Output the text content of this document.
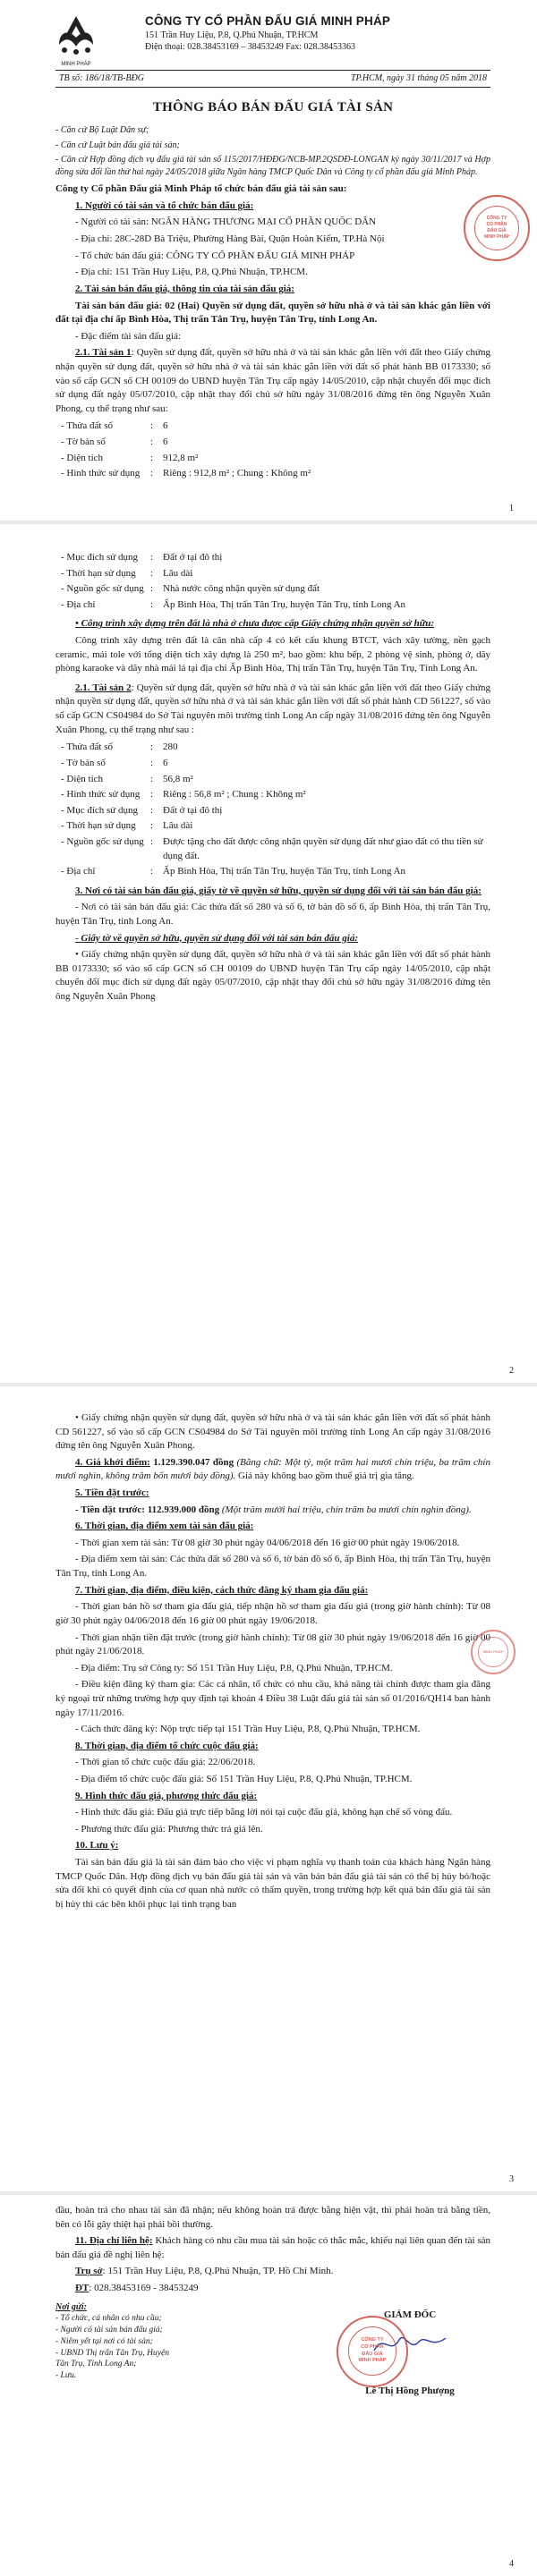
MINH PHÁP
CÔNG TY CỔ PHẦN ĐẤU GIÁ MINH PHÁP
151 Trần Huy Liệu, P.8, Q.Phú Nhuận, TP.HCM
Điện thoại: 028.38453169 – 38453249 Fax: 028.38453363
TB số: 186/18/TB-BĐG	TP.HCM, ngày 31 tháng 05 năm 2018
THÔNG BÁO BÁN ĐẤU GIÁ TÀI SẢN

- Căn cứ Bộ Luật Dân sự;

- Căn cứ Luật bán đấu giá tài sản;

- Căn cứ Hợp đồng dịch vụ đấu giá tài sản số 115/2017/HĐĐG/NCB-MP.2QSDĐ-LONGAN ký ngày 30/11/2017 và Hợp đồng sửa đổi lần thứ hai ngày 24/05/2018 giữa Ngân hàng TMCP Quốc Dân và Công ty cổ phần đấu giá Minh Pháp.

Công ty Cổ phần Đấu giá Minh Pháp tổ chức bán đấu giá tài sản sau:

1. Người có tài sản và tổ chức bán đấu giá:

- Người có tài sản: NGÂN HÀNG THƯƠNG MẠI CỔ PHẦN QUỐC DÂN

- Địa chỉ: 28C-28D Bà Triệu, Phường Hàng Bài, Quận Hoàn Kiếm, TP.Hà Nội

- Tổ chức bán đấu giá: CÔNG TY CỔ PHẦN ĐẤU GIÁ MINH PHÁP

- Địa chỉ: 151 Trần Huy Liệu, P.8, Q.Phú Nhuận, TP.HCM.

2. Tài sản bán đấu giá, thông tin của tài sản đấu giá:

Tài sản bán đấu giá: 02 (Hai) Quyền sử dụng đất, quyền sở hữu nhà ở và tài sản khác gắn liền với đất tại địa chỉ ấp Bình Hòa, Thị trấn Tân Trụ, huyện Tân Trụ, tỉnh Long An.

- Đặc điểm tài sản đấu giá:

2.1. Tài sản 1: Quyền sử dụng đất, quyền sở hữu nhà ở và tài sản khác gắn liền với đất theo Giấy chứng nhận quyền sử dụng đất, quyền sở hữu nhà ở và tài sản khác gắn liền với đất số phát hành BB 0173330; số vào sổ cấp GCN số CH 00109 do UBND huyện Tân Trụ cấp ngày 14/05/2010, cập nhật chuyển đổi mục đích sử dụng đất ngày 05/07/2010, cập nhật thay đổi chủ sở hữu ngày 31/08/2016 đứng tên ông Nguyễn Xuân Phong, cụ thể trạng như sau:

- Thửa đất số	: 6
- Tờ bản số	: 6
- Diện tích	: 912,8 m²
- Hình thức sử dụng	: Riêng : 912,8 m² ; Chung : Không m²
CÔNG TY
CỔ PHẦN
ĐẤU GIÁ
MINH PHÁP
1
- Mục đích sử dụng	: Đất ở tại đô thị
- Thời hạn sử dụng	: Lâu dài
- Nguồn gốc sử dụng : Nhà nước công nhận quyền sử dụng đất
- Địa chỉ	: Ấp Bình Hòa, Thị trấn Tân Trụ, huyện Tân Trụ, tỉnh Long An

• Công trình xây dựng trên đất là nhà ở chưa được cấp Giấy chứng nhận quyền sở hữu:

Công trình xây dựng trên đất là căn nhà cấp 4 có kết cấu khung BTCT, vách xây tường, nền gạch ceramic, mái tole với tổng diện tích xây dựng là 250 m², bao gồm: khu bếp, 2 phòng vệ sinh, phòng ở, dãy phòng karaoke và dãy nhà mái lá tại địa chỉ Ấp Bình Hòa, Thị trấn Tân Trụ, huyện Tân Trụ, Tỉnh Long An.

2.1. Tài sản 2: Quyền sử dụng đất, quyền sở hữu nhà ở và tài sản khác gắn liền với đất theo Giấy chứng nhận quyền sử dụng đất, quyền sở hữu nhà ở và tài sản khác gắn liền với đất số phát hành CD 561227, số vào sổ cấp GCN CS04984 do Sở Tài nguyên môi trường tỉnh Long An cấp ngày 31/08/2016 đứng tên ông Nguyễn Xuân Phong, cụ thể trạng như sau :

- Thửa đất số	: 280
- Tờ bản số	: 6
- Diện tích	: 56,8 m²
- Hình thức sử dụng	: Riêng : 56,8 m² ; Chung : Không m²
- Mục đích sử dụng	: Đất ở tại đô thị
- Thời hạn sử dụng	: Lâu dài
- Nguồn gốc sử dụng : Được tặng cho đất được công nhận quyền sử dụng đất như giao đất có thu tiền sử dụng đất.
- Địa chỉ	: Ấp Bình Hòa, Thị trấn Tân Trụ, huyện Tân Trụ, tỉnh Long An

3. Nơi có tài sản bán đấu giá, giấy tờ về quyền sở hữu, quyền sử dụng đối với tài sản bán đấu giá:

- Nơi có tài sản bán đấu giá: Các thửa đất số 280 và số 6, tờ bản đồ số 6, ấp Bình Hòa, thị trấn Tân Trụ, huyện Tân Trụ, tỉnh Long An.

- Giấy tờ về quyền sở hữu, quyền sử dụng đối với tài sản bán đấu giá:

• Giấy chứng nhận quyền sử dụng đất, quyền sở hữu nhà ở và tài sản khác gắn liền với đất số phát hành BB 0173330; số vào sổ cấp GCN số CH 00109 do UBND huyện Tân Trụ cấp ngày 14/05/2010, cập nhật chuyển đổi mục đích sử dụng đất ngày 05/07/2010, cập nhật thay đổi chủ sở hữu ngày 31/08/2016 đứng tên ông Nguyễn Xuân Phong

2

• Giấy chứng nhận quyền sử dụng đất, quyền sở hữu nhà ở và tài sản khác gắn liền với đất số phát hành CD 561227, số vào sổ cấp GCN CS04984 do Sở Tài nguyên môi trường tỉnh Long An cấp ngày 31/08/2016 đứng tên ông Nguyễn Xuân Phong.

4. Giá khởi điểm: 1.129.390.047 đồng (Bằng chữ: Một tỷ, một trăm hai mươi chín triệu, ba trăm chín mươi nghìn, không trăm bốn mươi bảy đồng). Giá này không bao gồm thuế giá trị gia tăng.

5. Tiền đặt trước:

- Tiền đặt trước: 112.939.000 đồng (Một trăm mười hai triệu, chín trăm ba mươi chín nghìn đồng).

6. Thời gian, địa điểm xem tài sản đấu giá:

- Thời gian xem tài sản: Từ 08 giờ 30 phút ngày 04/06/2018 đến 16 giờ 00 phút ngày 19/06/2018.

- Địa điểm xem tài sản: Các thửa đất số 280 và số 6, tờ bản đồ số 6, ấp Bình Hòa, thị trấn Tân Trụ, huyện Tân Trụ, tỉnh Long An.

7. Thời gian, địa điểm, điều kiện, cách thức đăng ký tham gia đấu giá:

- Thời gian bán hồ sơ tham gia đấu giá, tiếp nhận hồ sơ tham gia đấu giá (trong giờ hành chính): Từ 08 giờ 30 phút ngày 04/06/2018 đến 16 giờ 00 phút ngày 19/06/2018.

- Thời gian nhận tiền đặt trước (trong giờ hành chính): Từ 08 giờ 30 phút ngày 19/06/2018 đến 16 giờ 00 phút ngày 21/06/2018.

- Địa điểm: Trụ sở Công ty: Số 151 Trần Huy Liệu, P.8, Q.Phú Nhuận, TP.HCM.

- Điều kiện đăng ký tham gia: Các cá nhân, tổ chức có nhu cầu, khả năng tài chính được tham gia đăng ký ngoại trừ những trường hợp quy định tại khoản 4 Điều 38 Luật đấu giá tài sản số 01/2016/QH14 ban hành ngày 17/11/2016.

- Cách thức đăng ký: Nộp trực tiếp tại 151 Trần Huy Liệu, P.8, Q.Phú Nhuận, TP.HCM.

8. Thời gian, địa điểm tổ chức cuộc đấu giá:

- Thời gian tổ chức cuộc đấu giá: 22/06/2018.

- Địa điểm tổ chức cuộc đấu giá: Số 151 Trần Huy Liệu, P.8, Q.Phú Nhuận, TP.HCM.

9. Hình thức đấu giá, phương thức đấu giá:

- Hình thức đấu giá: Đấu giá trực tiếp bằng lời nói tại cuộc đấu giá, không hạn chế số vòng đấu.

- Phương thức đấu giá: Phương thức trả giá lên.

10. Lưu ý:

Tài sản bán đấu giá là tài sản đảm bảo cho việc vì phạm nghĩa vụ thanh toán của khách hàng Ngân hàng TMCP Quốc Dân. Hợp đồng dịch vụ bán đấu giá tài sản và văn bản bán đấu giá tài sản có thể bị hủy bỏ/hoặc sửa đổi khi có quyết định của cơ quan nhà nước có thẩm quyền, trong trường hợp kết quả bán đấu giá tài sản bị hủy thì các bên khôi phục lại tình trạng ban

MINH PHÁP
3

đầu, hoàn trả cho nhau tài sản đã nhận; nếu không hoàn trả được bằng hiện vật, thì phải hoàn trả bằng tiền, bên có lỗi gây thiệt hại phải bồi thường.

11. Địa chỉ liên hệ: Khách hàng có nhu cầu mua tài sản hoặc có thắc mắc, khiếu nại liên quan đến tài sản bán đấu giá đề nghị liên hệ:

Trụ sở: 151 Trần Huy Liệu, P.8, Q.Phú Nhuận, TP. Hồ Chí Minh.

ĐT: 028.38453169 - 38453249

Nơi gửi:
- Tổ chức, cá nhân có nhu cầu;
- Người có tài sản bán đấu giá;
- Niêm yết tại nơi có tài sản;
- UBND Thị trấn Tân Trụ, Huyện
Tân Trụ, Tỉnh Long An;
- Lưu.
GIÁM ĐỐC
Lê Thị Hồng Phượng
CÔNG TY
CỔ PHẦN
ĐẤU GIÁ
MINH PHÁP
4
